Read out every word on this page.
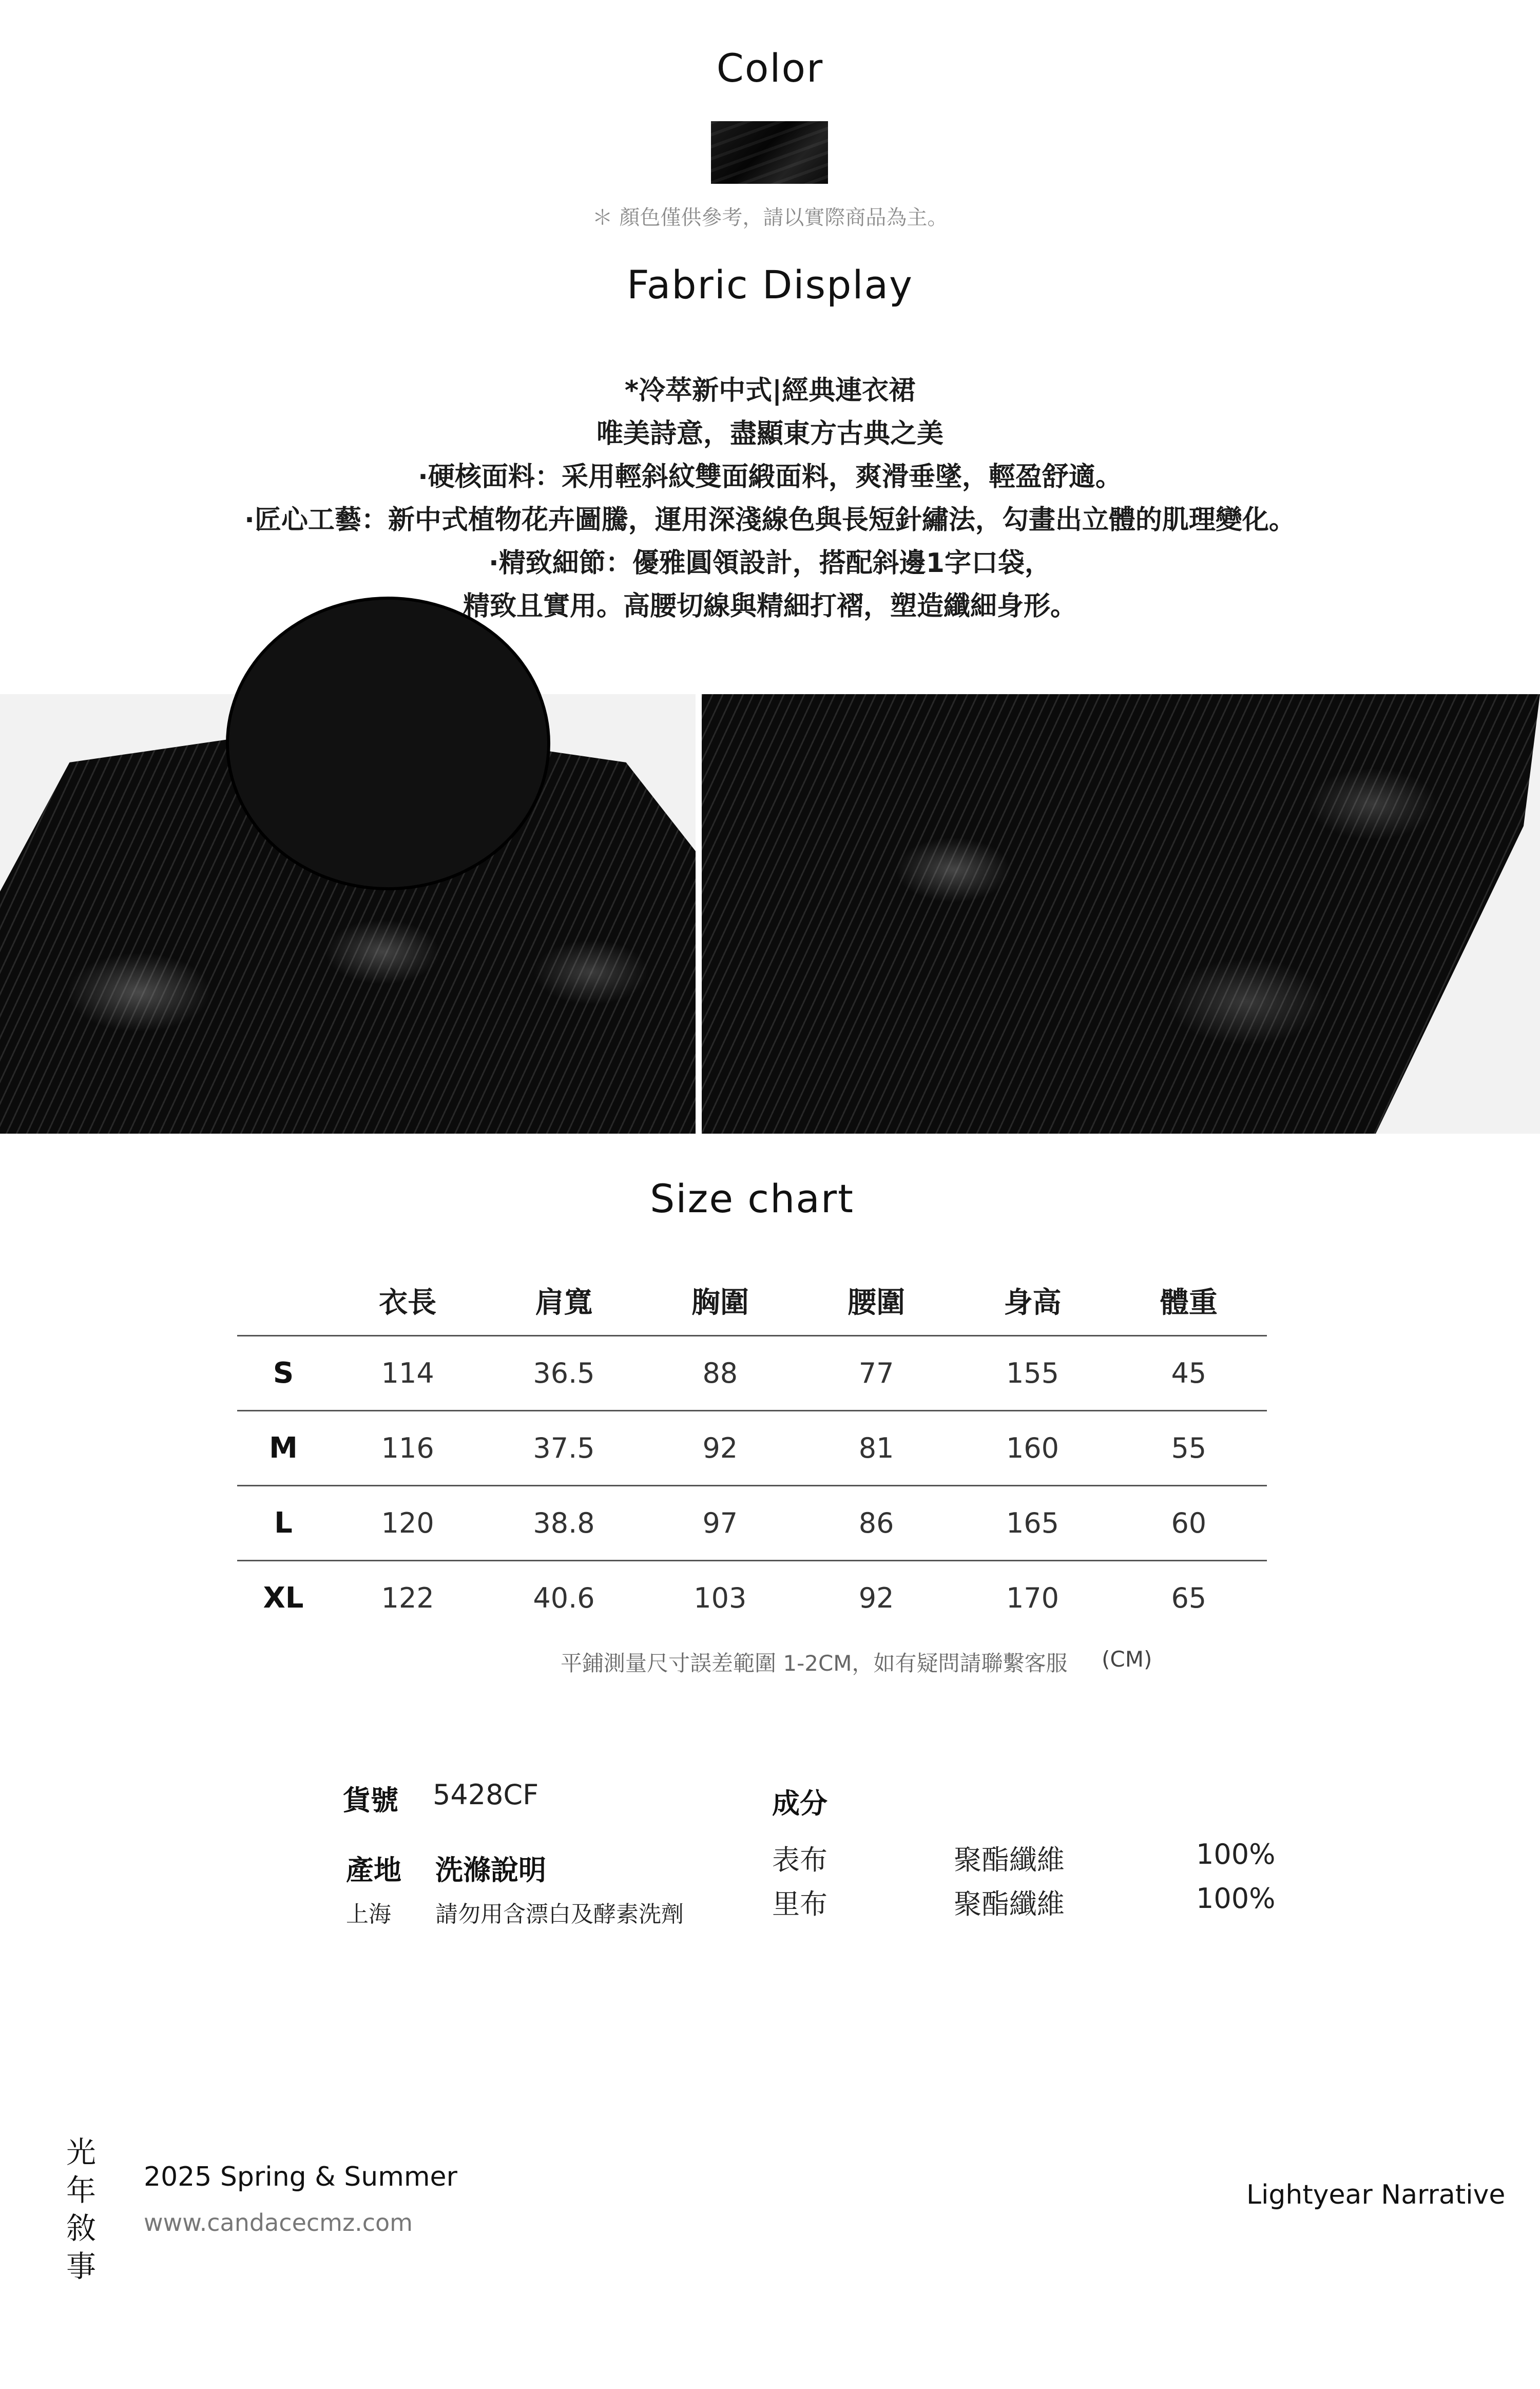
Color
＊ 顏色僅供參考，請以實際商品為主。
Fabric Display
*冷萃新中式|經典連衣裙
唯美詩意，盡顯東方古典之美
·硬核面料：采用輕斜紋雙面緞面料，爽滑垂墜，輕盈舒適。
·匠心工藝：新中式植物花卉圖騰，運用深淺線色與長短針繡法，勾畫出立體的肌理變化。
·精致細節：優雅圓領設計，搭配斜邊1字口袋，
精致且實用。高腰切線與精細打褶，塑造纖細身形。
Size chart
	衣長	肩寬	胸圍	腰圍	身高	體重
S	114	36.5	88	77	155	45
M	116	37.5	92	81	160	55
L	120	38.8	97	86	165	60
XL	122	40.6	103	92	170	65
平鋪測量尺寸誤差範圍 1-2CM，如有疑問請聯繫客服 (CM)
貨號 5428CF
產地 洗滌說明
上海 請勿用含漂白及酵素洗劑
成分
表布	聚酯纖維	100%
里布	聚酯纖維	100%
光
年
敘
事
2025 Spring & Summer
www.candacecmz.com
Lightyear Narrative
